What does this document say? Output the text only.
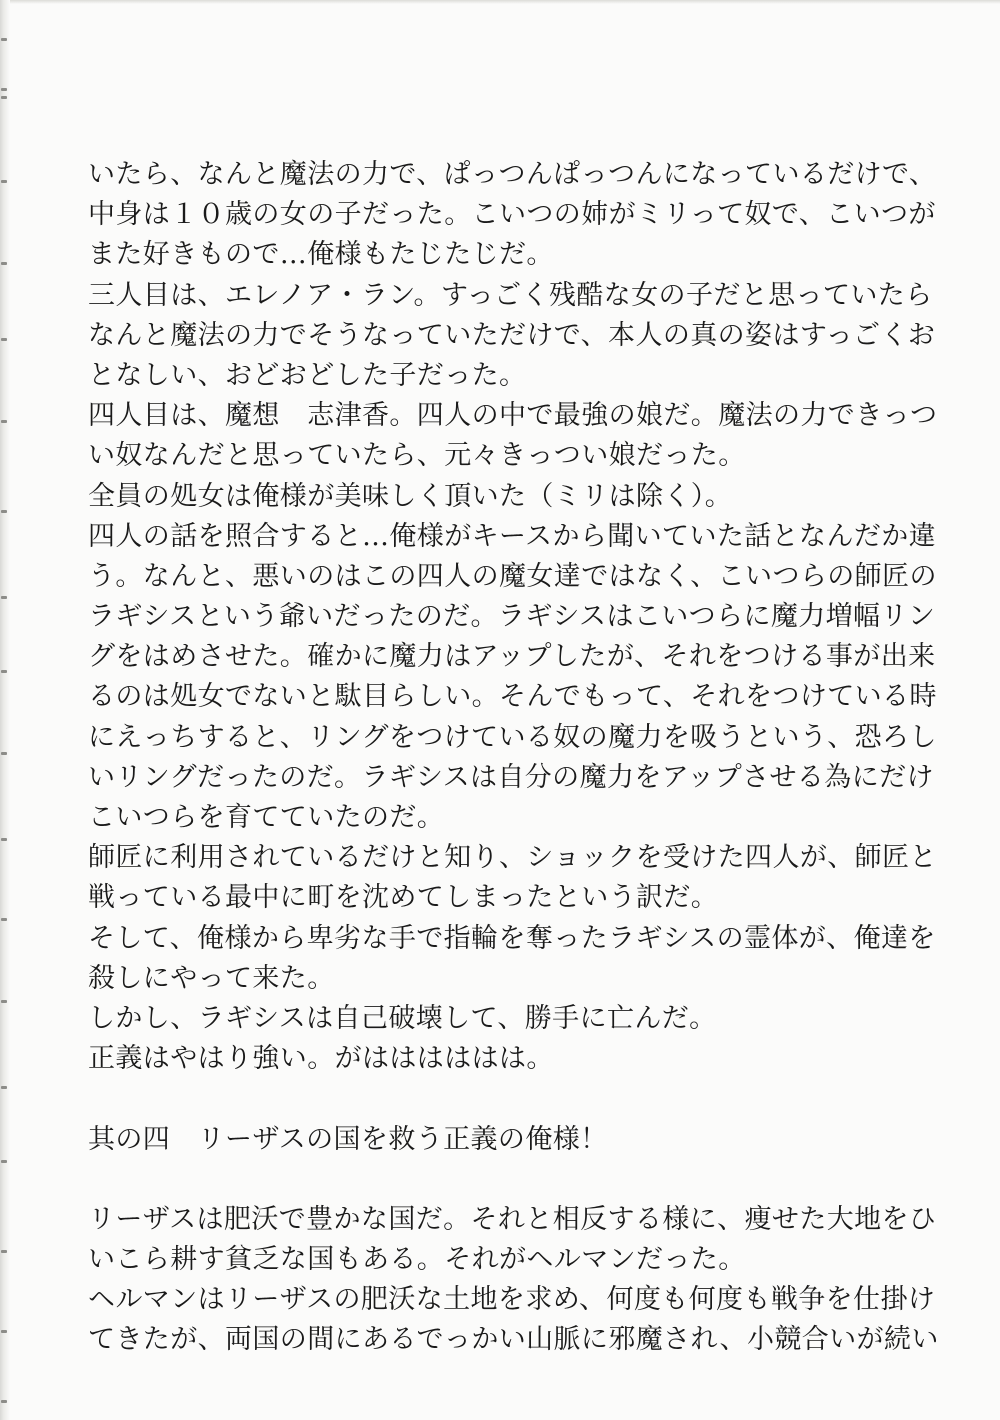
いたら、なんと魔法の力で、ぱっつんぱっつんになっているだけで、
中身は１０歳の女の子だった。こいつの姉がミリって奴で、こいつが
また好きもので…俺様もたじたじだ。
三人目は、エレノア・ラン。すっごく残酷な女の子だと思っていたら
なんと魔法の力でそうなっていただけで、本人の真の姿はすっごくお
となしい、おどおどした子だった。
四人目は、魔想　志津香。四人の中で最強の娘だ。魔法の力できっつ
い奴なんだと思っていたら、元々きっつい娘だった。
全員の処女は俺様が美味しく頂いた（ミリは除く）。
四人の話を照合すると…俺様がキースから聞いていた話となんだか違
う。なんと、悪いのはこの四人の魔女達ではなく、こいつらの師匠の
ラギシスという爺いだったのだ。ラギシスはこいつらに魔力増幅リン
グをはめさせた。確かに魔力はアップしたが、それをつける事が出来
るのは処女でないと駄目らしい。そんでもって、それをつけている時
にえっちすると、リングをつけている奴の魔力を吸うという、恐ろし
いリングだったのだ。ラギシスは自分の魔力をアップさせる為にだけ
こいつらを育てていたのだ。
師匠に利用されているだけと知り、ショックを受けた四人が、師匠と
戦っている最中に町を沈めてしまったという訳だ。
そして、俺様から卑劣な手で指輪を奪ったラギシスの霊体が、俺達を
殺しにやって来た。
しかし、ラギシスは自己破壊して、勝手に亡んだ。
正義はやはり強い。がはははははは。
其の四　リーザスの国を救う正義の俺様！
リーザスは肥沃で豊かな国だ。それと相反する様に、痩せた大地をひ
いこら耕す貧乏な国もある。それがヘルマンだった。
ヘルマンはリーザスの肥沃な土地を求め、何度も何度も戦争を仕掛け
てきたが、両国の間にあるでっかい山脈に邪魔され、小競合いが続い
